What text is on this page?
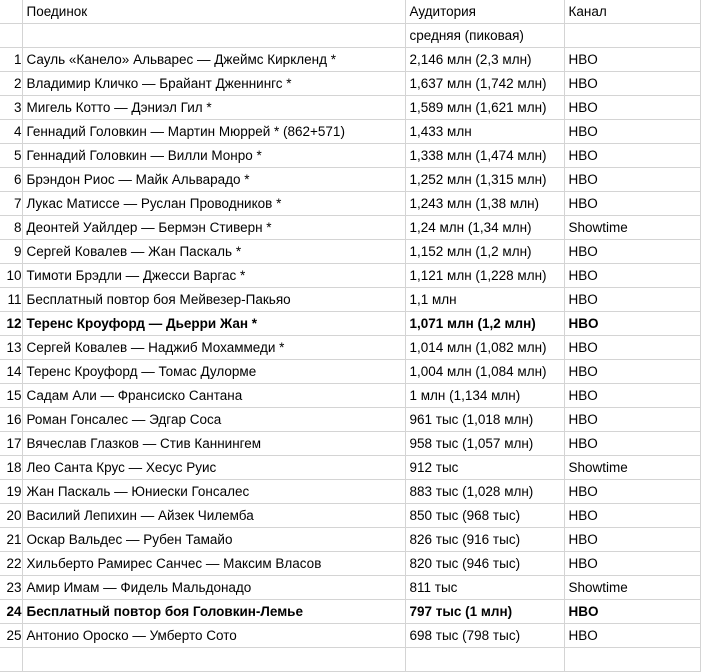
	Поединок	Аудитория	Канал
		средняя (пиковая)	
1	Сауль «Канело» Альварес — Джеймс Киркленд *	2,146 млн (2,3 млн)	HBO
2	Владимир Кличко — Брайант Дженнингс *	1,637 млн (1,742 млн)	HBO
3	Мигель Котто — Дэниэл Гил *	1,589 млн (1,621 млн)	HBO
4	Геннадий Головкин — Мартин Мюррей * (862+571)	1,433 млн	HBO
5	Геннадий Головкин — Вилли Монро *	1,338 млн (1,474 млн)	HBO
6	Брэндон Риос — Майк Альварадо *	1,252 млн (1,315 млн)	HBO
7	Лукас Матиссе — Руслан Проводников *	1,243 млн (1,38 млн)	HBO
8	Деонтей Уайлдер — Бермэн Стиверн *	1,24 млн (1,34 млн)	Showtime
9	Сергей Ковалев — Жан Паскаль *	1,152 млн (1,2 млн)	HBO
10	Тимоти Брэдли — Джесси Варгас *	1,121 млн (1,228 млн)	HBO
11	Бесплатный повтор боя Мейвезер-Пакьяо	1,1 млн	HBO
12	Теренс Кроуфорд — Дьерри Жан *	1,071 млн (1,2 млн)	HBO
13	Сергей Ковалев — Наджиб Мохаммеди *	1,014 млн (1,082 млн)	HBO
14	Теренс Кроуфорд — Томас Дулорме	1,004 млн (1,084 млн)	HBO
15	Садам Али — Франсиско Сантана	1 млн (1,134 млн)	HBO
16	Роман Гонсалес — Эдгар Соса	961 тыс (1,018 млн)	HBO
17	Вячеслав Глазков — Стив Каннингем	958 тыс (1,057 млн)	HBO
18	Лео Санта Крус — Хесус Руис	912 тыс	Showtime
19	Жан Паскаль — Юниески Гонсалес	883 тыс (1,028 млн)	HBO
20	Василий Лепихин — Айзек Чилемба	850 тыс (968 тыс)	HBO
21	Оскар Вальдес — Рубен Тамайо	826 тыс (916 тыс)	HBO
22	Хильберто Рамирес Санчес — Максим Власов	820 тыс (946 тыс)	HBO
23	Амир Имам — Фидель Мальдонадо	811 тыс	Showtime
24	Бесплатный повтор боя Головкин-Лемье	797 тыс (1 млн)	HBO
25	Антонио Ороско — Умберто Сото	698 тыс (798 тыс)	HBO
